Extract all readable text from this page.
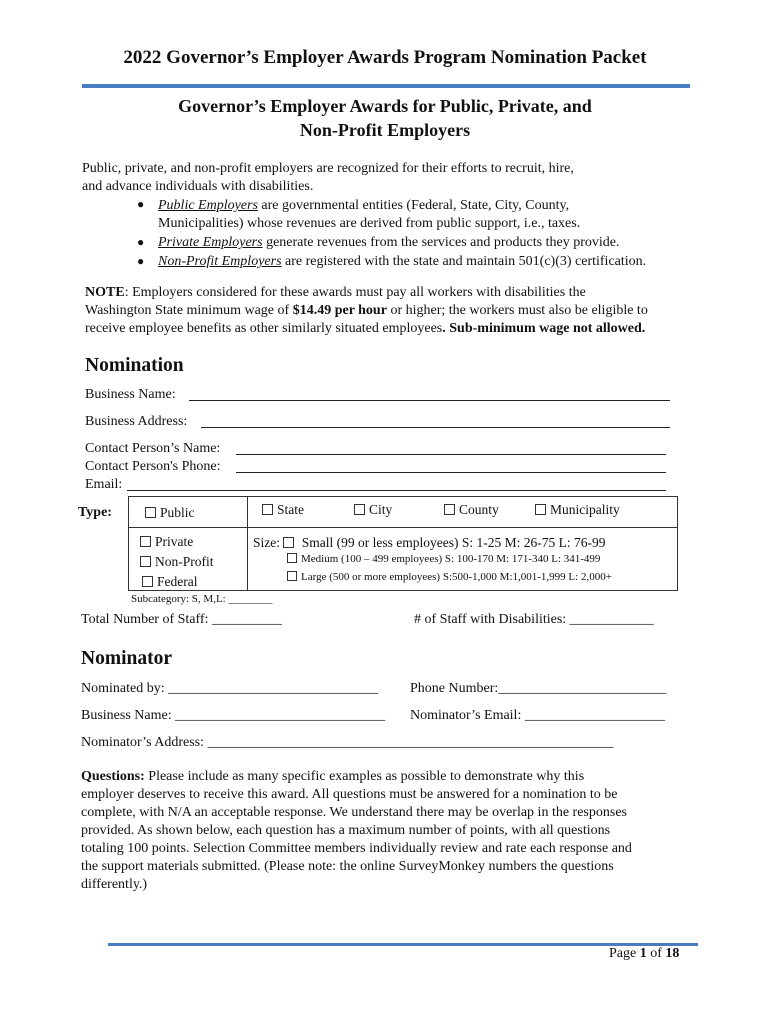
2022 Governor’s Employer Awards Program Nomination Packet
Governor’s Employer Awards for Public, Private, and
Non-Profit Employers
Public, private, and non-profit employers are recognized for their efforts to recruit, hire,
and advance individuals with disabilities.
● Public Employers are governmental entities (Federal, State, City, County,
Municipalities) whose revenues are derived from public support, i.e., taxes.
● Private Employers generate revenues from the services and products they provide.
● Non-Profit Employers are registered with the state and maintain 501(c)(3) certification.
NOTE: Employers considered for these awards must pay all workers with disabilities the
Washington State minimum wage of $14.49 per hour or higher; the workers must also be eligible to
receive employee benefits as other similarly situated employees. Sub-minimum wage not allowed.
Nomination
Business Name:
Business Address:
Contact Person’s Name:
Contact Person's Phone:
Email:
Type:	Public	State	City	County	Municipality
Private
Non-Profit
Federal
Size: Small (99 or less employees) S: 1-25 M: 26-75 L: 76-99
Medium (100 – 499 employees) S: 100-170 M: 171-340 L: 341-499
Large (500 or more employees) S:500-1,000 M:1,001-1,999 L: 2,000+
Subcategory: S, M,L: ________
Total Number of Staff: __________	# of Staff with Disabilities: ____________
Nominator
Nominated by: ______________________________ Phone Number:________________________
Business Name: ______________________________ Nominator’s Email: ____________________
Nominator’s Address: __________________________________________________________
Questions: Please include as many specific examples as possible to demonstrate why this
employer deserves to receive this award. All questions must be answered for a nomination to be
complete, with N/A an acceptable response. We understand there may be overlap in the responses
provided. As shown below, each question has a maximum number of points, with all questions
totaling 100 points. Selection Committee members individually review and rate each response and
the support materials submitted. (Please note: the online SurveyMonkey numbers the questions
differently.)
Page 1 of 18
